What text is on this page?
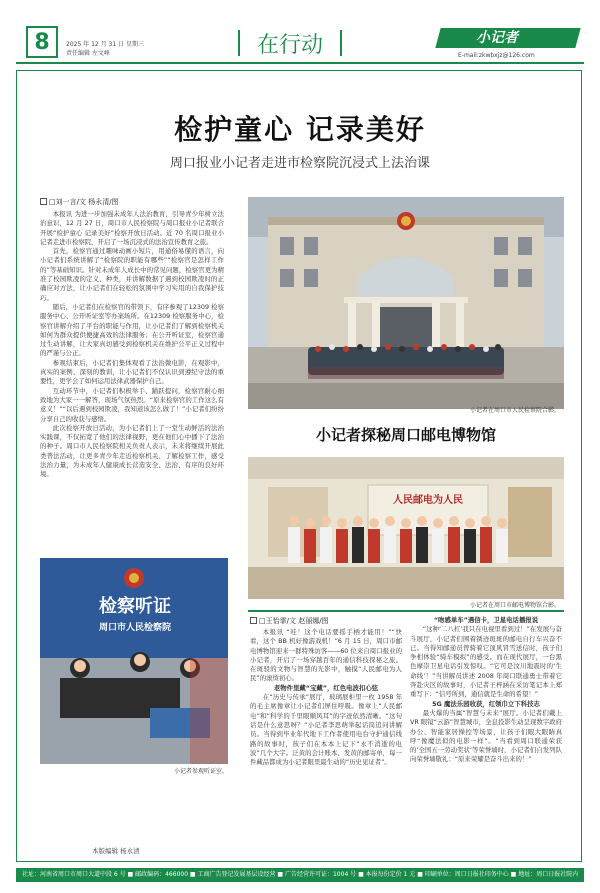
8	2025 年 12 月 31 日 星期三
责任编辑 左文峰	在行动	小记者
E-mail:zkwbxjz@126.com
检护童心 记录美好
周口报业小记者走进市检察院沉浸式上法治课
□刘一言/文 杨永清/图

本报讯 为进一步加强未成年人法治教育，引导青少年树立法治意识，12 月 27 日，周口市人民检察院与周口报业小记者联合开展“检护童心 记录美好”检察开放日活动。近 70 名周口报业小记者走进市检察院，开启了一场沉浸式的法治宣传教育之旅。

首先，检察官通过趣味动画小短片，用通俗易懂的语言，向小记者们系统讲解了“检察院的职能有哪些”“检察官是怎样工作的”等基础知识。针对未成年人成长中的常见问题，检察官更为精准了校园欺凌的定义、种类，并讲解数据了遇到校园欺凌时的正确应对方法，让小记者们在轻松的氛围中学习实用的自我保护技巧。

随后，小记者们在检察官的带领下，有序参观了12309 检察服务中心、公开听证室等办案场所。在12309 检察服务中心，检察官讲解介绍了平台的职能与作用，让小记者们了解到检察机关如何为群众提供便捷高效的法律服务；在公开听证室，检察官通过生动讲解，让大家真切感受到检察机关在维护公平正义过程中的严谨与公正。

参观结束后，小记者们集体观看了法治微电影，在观影中，真实的案例、深刻的教训，让小记者们不仅认识到遵纪守法的重要性，更学会了如何运用法律武器保护自己。

互动环节中，小记者们积极举手、踊跃提问，检察官耐心细致地为大家一一解答，现场气氛热烈。“原来检察官的工作这么有意义！”“以后遇到校园欺凌，我知道该怎么做了！”小记者们纷纷分享自己的收获与感悟。

此次检察开放日活动，为小记者们上了一堂生动鲜活的法治实践课，不仅拓宽了他们的法律视野，更在他们心中播下了法治的种子。周口市人民检察院相关负责人表示，未来将继续开展此类普法活动，让更多青少年走近检察机关、了解检察工作，感受法治力量，为未成年人健康成长营造安全、法治、有序的良好环境。

小记者在周口市人民检察院合影。
小记者探秘周口邮电博物馆
人民邮电为人民
小记者在周口市邮电博物馆合影。
检察听证
周口市人民检察院
小记者参观听证室。
本版编辑 杨永清
□王怡霏/文 赵丽娜/图

本报讯 “哇！这个电话要摇手柄才能用！”“快看，这个 BB 机好像游戏机！”6 月 15 日，周口市邮电博物馆迎来一群特殊访客——60 位来自周口报业的小记者，开启了一场穿越百年的通信科技探秘之旅。在斑驳的文物与智慧的光影中，触摸“人民邮电为人民”的滚烫初心。

老物件里藏“宝藏”，红色电波扣心弦

在“历史与传承”展厅，玻璃展柜里一枚 1958 年的毛主席像章让小记者们屏住呼吸。像章上“人民邮电”和“科学的千里眼顺风耳”的字迹依然清晰。“这句话是什么意思呀？”小记者李思萌举起话筒追问讲解员。当得到毕业年代地下工作者使用电台守护通信线路的故事时，孩子们在本本上记下“永不消逝的电波”几个大字。泛黄的会计账本、发黄的邮寄单，每一件藏品都成为小记者眼里最生动的“历史见证者”。

“吻感单车”遇信卡，卫星电话播报说

“这种‘二八杠’我只在电视里看到过！”在发展与奋斗展厅，小记者们围着锈迹斑斑的邮电自行车兴奋不已。当得知邮递员曾骑着它顶风冒雪送信时，孩子们争相体验“骑车模拟”的感受。而在现代展厅，一台黑色摩崇卫星电话引发惊叹。“它可是汶川地震时的‘生命线’！”当讲解员讲述 2008 年周口联通勇士带着它奔赴灾区的故事时，小记者王梓涵在采访笔记本上郑重写下：“信号所到，通信就是生命的希望！”

5G 魔法乐园收获，红领巾立下科技志

最火爆的当属“智慧与未来”展厅。小记者们戴上 VR 眼镜“云游”智慧城市，全息投影生动呈现数字政府办公、智能家居操控等场景，让孩子们眼大眼睛真呼“像魔法似的电影一样”。“当看到周口联通荣获的‘全国五一劳动奖状’等荣誉墙时，小记者们自发列队向荣誉墙敬礼：“原来荣耀是奋斗出来的！”

社址：河南省周口市周口大道中段 6 号 ■ 邮政编码：466000 ■ 工商广告登记发展基层设经营 ■ 广告经营许可证：1004 号 ■ 本报每份定价 1 元 ■ 印刷单位：周口日报社印务中心 ■ 地址：周口日报社院内
